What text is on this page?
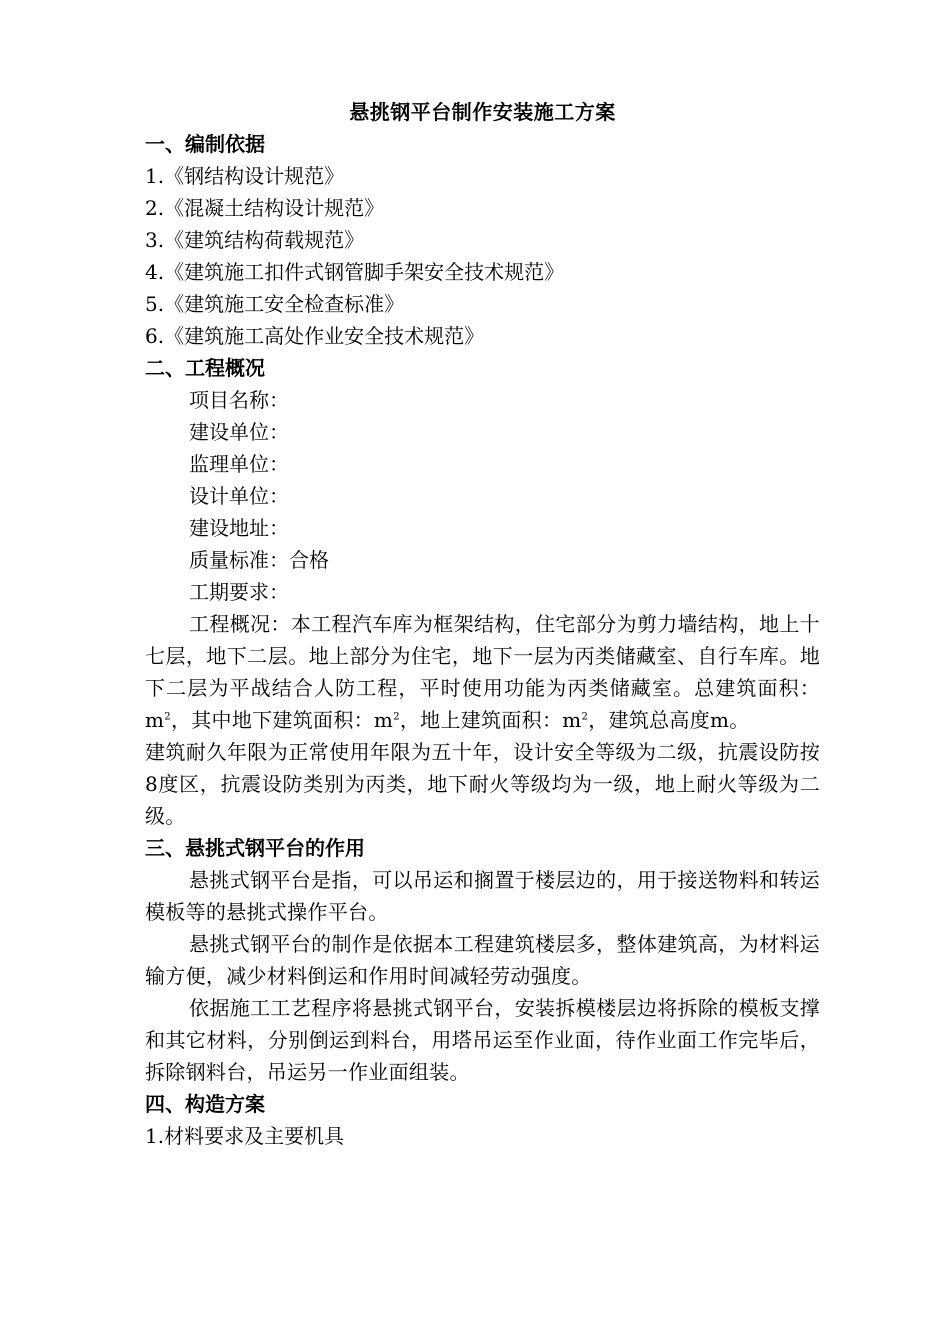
悬挑钢平台制作安装施工方案

一、编制依据

1.《钢结构设计规范》

2.《混凝土结构设计规范》

3.《建筑结构荷载规范》

4.《建筑施工扣件式钢管脚手架安全技术规范》

5.《建筑施工安全检查标准》

6.《建筑施工高处作业安全技术规范》

二、工程概况

项目名称：

建设单位：

监理单位：

设计单位：

建设地址：

质量标准：合格

工期要求：

工程概况：本工程汽车库为框架结构，住宅部分为剪力墙结构，地上十七层，地下二层。地上部分为住宅，地下一层为丙类储藏室、自行车库。地下二层为平战结合人防工程，平时使用功能为丙类储藏室。总建筑面积：$m^2$，其中地下建筑面积：$m^2$，地上建筑面积：$m^2$，建筑总高度m。

建筑耐久年限为正常使用年限为五十年，设计安全等级为二级，抗震设防按8度区，抗震设防类别为丙类，地下耐火等级均为一级，地上耐火等级为二级。

三、悬挑式钢平台的作用

悬挑式钢平台是指，可以吊运和搁置于楼层边的，用于接送物料和转运模板等的悬挑式操作平台。

悬挑式钢平台的制作是依据本工程建筑楼层多，整体建筑高，为材料运输方便，减少材料倒运和作用时间减轻劳动强度。

依据施工工艺程序将悬挑式钢平台，安装拆模楼层边将拆除的模板支撑和其它材料，分别倒运到料台，用塔吊运至作业面，待作业面工作完毕后，拆除钢料台，吊运另一作业面组装。

四、构造方案

1.材料要求及主要机具
